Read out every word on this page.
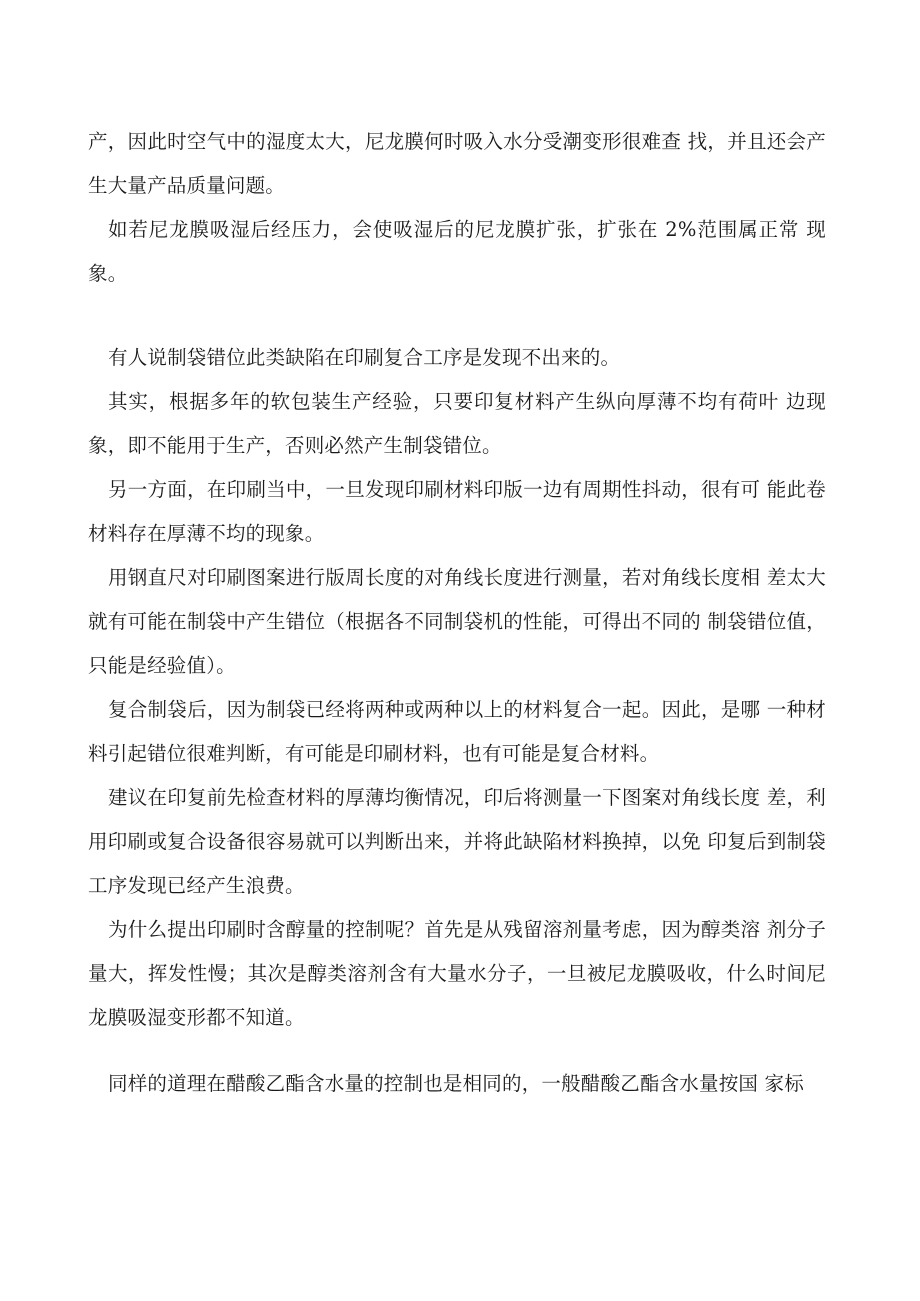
产，因此时空气中的湿度太大，尼龙膜何时吸入水分受潮变形很难查 找，并且还会产生大量产品质量问题。

如若尼龙膜吸湿后经压力，会使吸湿后的尼龙膜扩张，扩张在 2%范围属正常 现象。

有人说制袋错位此类缺陷在印刷复合工序是发现不出来的。

其实，根据多年的软包装生产经验，只要印复材料产生纵向厚薄不均有荷叶 边现象，即不能用于生产，否则必然产生制袋错位。

另一方面，在印刷当中，一旦发现印刷材料印版一边有周期性抖动，很有可 能此卷材料存在厚薄不均的现象。

用钢直尺对印刷图案进行版周长度的对角线长度进行测量，若对角线长度相 差太大就有可能在制袋中产生错位（根据各不同制袋机的性能，可得出不同的 制袋错位值，只能是经验值）。

复合制袋后，因为制袋已经将两种或两种以上的材料复合一起。因此，是哪 一种材料引起错位很难判断，有可能是印刷材料，也有可能是复合材料。

建议在印复前先检查材料的厚薄均衡情况，印后将测量一下图案对角线长度 差，利用印刷或复合设备很容易就可以判断出来，并将此缺陷材料换掉，以免 印复后到制袋工序发现已经产生浪费。

为什么提出印刷时含醇量的控制呢？首先是从残留溶剂量考虑，因为醇类溶 剂分子量大，挥发性慢；其次是醇类溶剂含有大量水分子，一旦被尼龙膜吸收，什么时间尼龙膜吸湿变形都不知道。

同样的道理在醋酸乙酯含水量的控制也是相同的，一般醋酸乙酯含水量按国 家标
